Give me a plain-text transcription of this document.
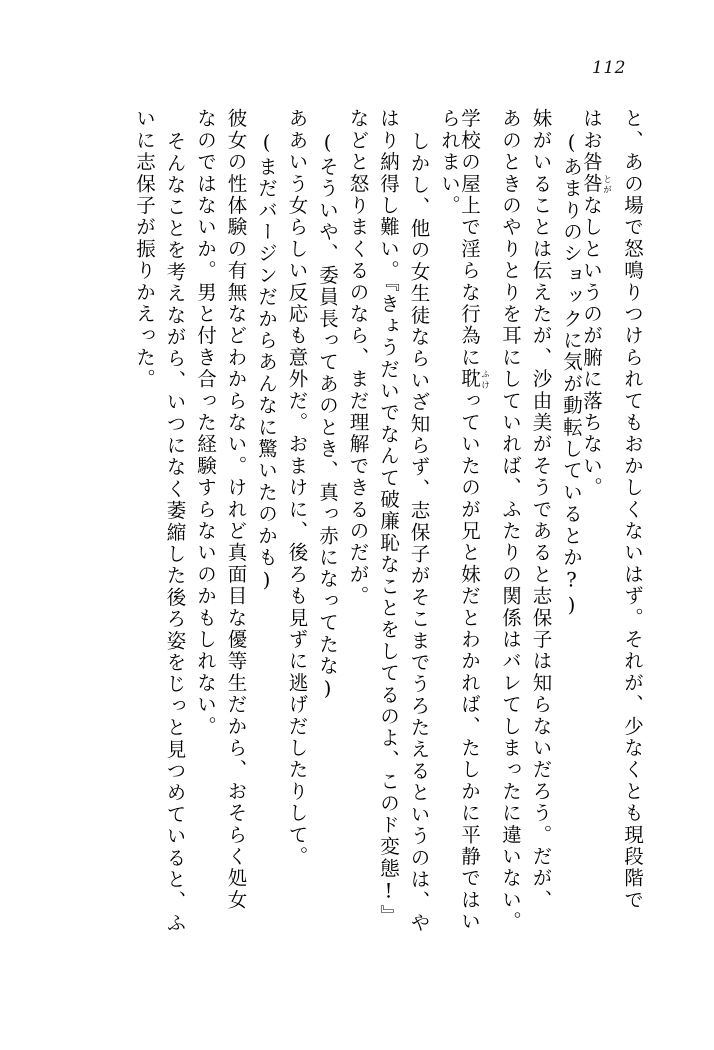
112
と、あの場で怒鳴りつけられてもおかしくないはず。それが、少なくとも現段階で
はお咎咎とがなしというのが腑に落ちない。
(あまりのショックに気が動転しているとか?)
妹がいることは伝えたが、沙由美がそうであると志保子は知らないだろう。だが、
あのときのやりとりを耳にしていれば、ふたりの関係はバレてしまったに違いない。
学校の屋上で淫らな行為に耽ふけっていたのが兄と妹だとわかれば、たしかに平静ではい
られまい。
しかし、他の女生徒ならいざ知らず、志保子がそこまでうろたえるというのは、や
はり納得し難い。『きょうだいでなんて破廉恥なことをしてるのよ、このド変態!』
などと怒りまくるのなら、まだ理解できるのだが。
(そういや、委員長ってあのとき、真っ赤になってたな)
ああいう女らしい反応も意外だ。おまけに、後ろも見ずに逃げだしたりして。
(まだバージンだからあんなに驚いたのかも)
彼女の性体験の有無などわからない。けれど真面目な優等生だから、おそらく処女
なのではないか。男と付き合った経験すらないのかもしれない。
そんなことを考えながら、いつになく萎縮した後ろ姿をじっと見つめていると、ふ
いに志保子が振りかえった。
